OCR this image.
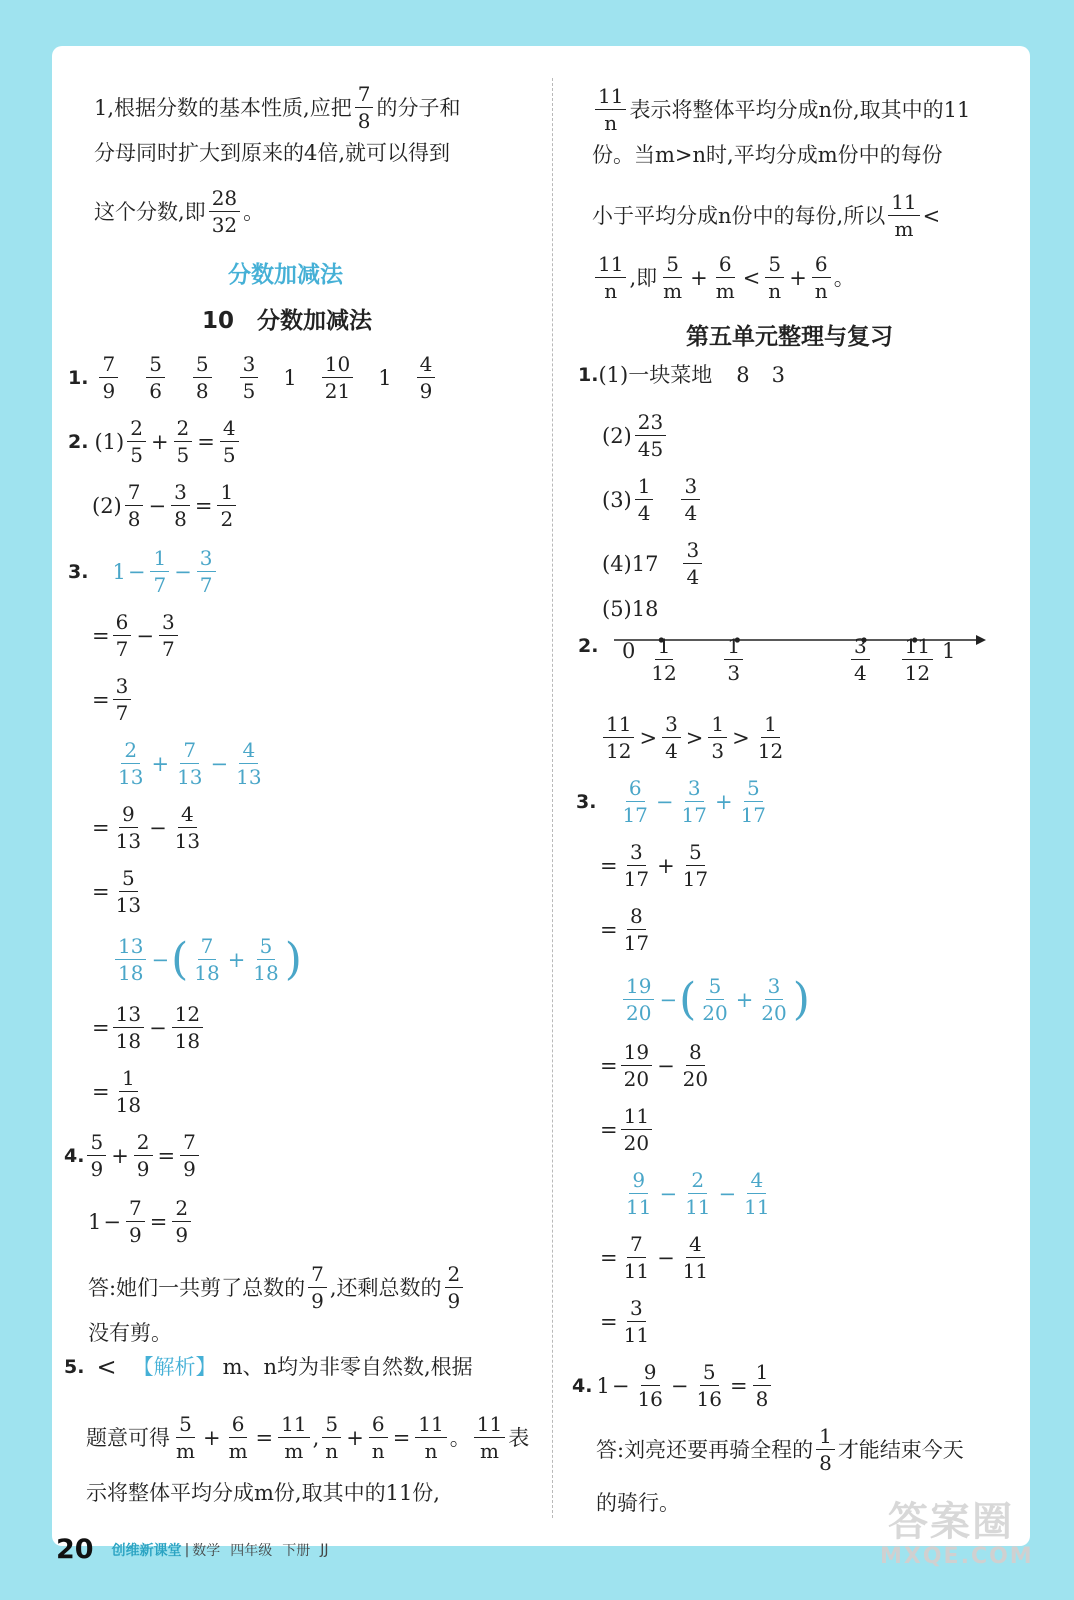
1,根据分数的基本性质,应把 $\frac{7}{8}$ 的分子和
分母同时扩大到原来的4倍,就可以得到
这个分数,即 $\frac{28}{32}$ 。
分数加减法
10　分数加减法
1. $\frac{7}{9} \frac{5}{6} \frac{5}{8} \frac{3}{5} 1 \frac{10}{21} 1 \frac{4}{9}$
2. $(1) \frac{2}{5} + \frac{2}{5} = \frac{4}{5}$
$(2) \frac{7}{8} - \frac{3}{8} = \frac{1}{2}$
3. $1 - \frac{1}{7} - \frac{3}{7}$
= $\frac{6}{7} - \frac{3}{7}$
= $\frac{3}{7}$
$\frac{2}{13} + \frac{7}{13} - \frac{4}{13}$
= $\frac{9}{13} - \frac{4}{13}$
= $\frac{5}{13}$
$\frac{13}{18}$ − ( $\frac{7}{18} + \frac{5}{18}$ )
= $\frac{13}{18} - \frac{12}{18}$
= $\frac{1}{18}$
4. $\frac{5}{9} + \frac{2}{9} = \frac{7}{9}$
$1 - \frac{7}{9} = \frac{2}{9}$
答:她们一共剪了总数的 $\frac{7}{9}$ ,还剩总数的 $\frac{2}{9}$
没有剪。
5. < 【解析】 m、n均为非零自然数,根据
题意可得 $\frac{5}{m} + \frac{6}{m} = \frac{11}{m}$ , $\frac{5}{n} + \frac{6}{n} = \frac{11}{n}$ 。 $\frac{11}{m}$ 表
示将整体平均分成m份,取其中的11份,
$\frac{11}{n}$ 表示将整体平均分成n份,取其中的11
份。当m>n时,平均分成m份中的每份
小于平均分成n份中的每份,所以 $\frac{11}{m}$ <
$\frac{11}{n}$ ,即 $\frac{5}{m} + \frac{6}{m} < \frac{5}{n} + \frac{6}{n}$ 。
第五单元整理与复习
1. (1) 一块菜地 8 3
$(2) \frac{23}{45}$
$(3) \frac{1}{4} \frac{3}{4}$
(4) $17 \frac{3}{4}$
(5) 18
2. 0	1
$\frac{1}{12} \frac{1}{3}$	$\frac{3}{4} \frac{11}{12}$
$\frac{11}{12} > \frac{3}{4} > \frac{1}{3} > \frac{1}{12}$
3. $\frac{6}{17} - \frac{3}{17} + \frac{5}{17}$
= $\frac{3}{17} + \frac{5}{17}$
= $\frac{8}{17}$
$\frac{19}{20}$ − ( $\frac{5}{20} + \frac{3}{20}$ )
= $\frac{19}{20} - \frac{8}{20}$
= $\frac{11}{20}$
$\frac{9}{11} - \frac{2}{11} - \frac{4}{11}$
= $\frac{7}{11} - \frac{4}{11}$
= $\frac{3}{11}$
4. $1 - \frac{9}{16} - \frac{5}{16} = \frac{1}{8}$
答:刘亮还要再骑全程的 $\frac{1}{8}$ 才能结束今天
的骑行。
20 创维新课堂 | 数学 四年级 下册 JJ
答案圈
MXQE.COM
